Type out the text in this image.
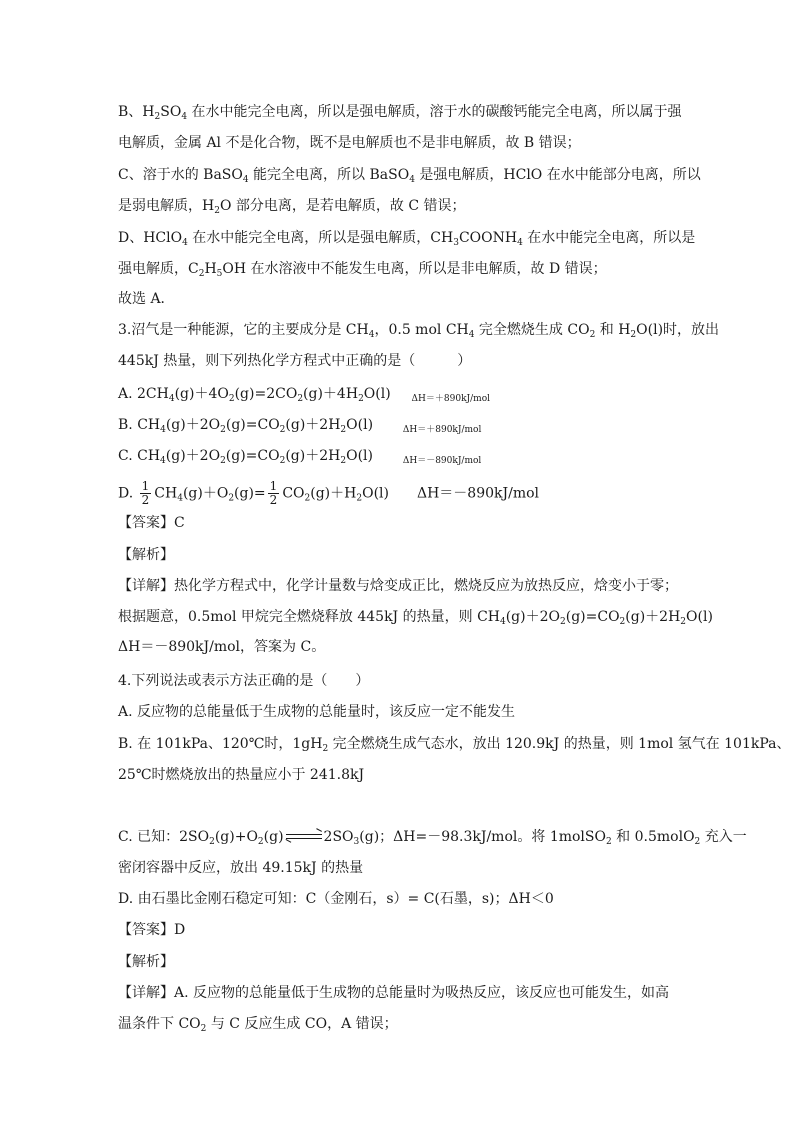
B、$H_2SO_4$ 在水中能完全电离，所以是强电解质，溶于水的碳酸钙能完全电离，所以属于强
电解质，金属 Al 不是化合物，既不是电解质也不是非电解质，故 B 错误；
C、溶于水的 BaSO$_4$ 能完全电离，所以 BaSO$_4$ 是强电解质，HClO 在水中能部分电离，所以
是弱电解质，$H_2O$ 部分电离，是若电解质，故 C 错误；
D、HClO$_4$ 在水中能完全电离，所以是强电解质，$CH_3COONH_4$ 在水中能完全电离，所以是
强电解质，$C_2H_5OH$ 在水溶液中不能发生电离，所以是非电解质，故 D 错误；
故选 A．
3.沼气是一种能源，它的主要成分是 $CH_4$，0.5 mol $CH_4$ 完全燃烧生成 $CO_2$ 和 $H_2O(l)$时，放出
445kJ 热量，则下列热化学方程式中正确的是（　　　）
A. $2CH_4(g)+4O_2(g)=2CO_2(g)+4H_2O(l)$ 　　$_{\Delta H=+890kJ/mol}$
B. $CH_4(g)+2O_2(g)=CO_2(g)+2H_2O(l)$ 　　　$_{\Delta H=+890kJ/mol}$
C. $CH_4(g)+2O_2(g)=CO_2(g)+2H_2O(l)$ 　　　$_{\Delta H=-890kJ/mol}$
【答案】C
【解析】
【详解】热化学方程式中，化学计量数与焓变成正比，燃烧反应为放热反应，焓变小于零；
根据题意，0.5mol 甲烷完全燃烧释放 445kJ 的热量，则 $CH_4(g)+2O_2(g)=CO_2(g)+2H_2O(l)$
ΔH＝－890kJ/mol，答案为 C。
4.下列说法或表示方法正确的是（　　）
A. 反应物的总能量低于生成物的总能量时，该反应一定不能发生
B. 在 101kPa、120℃时，$1gH_2$ 完全燃烧生成气态水，放出 120.9kJ 的热量，则 1mol 氢气在 101kPa、
25℃时燃烧放出的热量应小于 241.8kJ
密闭容器中反应，放出 49.15kJ 的热量
D. 由石墨比金刚石稳定可知：C（金刚石，s）= C(石墨，s)；ΔH＜0
【答案】D
【解析】
【详解】A. 反应物的总能量低于生成物的总能量时为吸热反应，该反应也可能发生，如高
温条件下 $CO_2$ 与 C 反应生成 CO，A 错误；
D. $\frac{1}{2} CH_4(g)+O_2(g)= \frac{1}{2} CO_2(g)+H_2O(l)$　　ΔH＝－890kJ/mol
C. 已知：$2SO_2(g)+O_2(g)$	$2SO_3(g)$；ΔH=－98.3kJ/mol。将 1molSO$_2$ 和 0.5molO$_2$ 充入一
